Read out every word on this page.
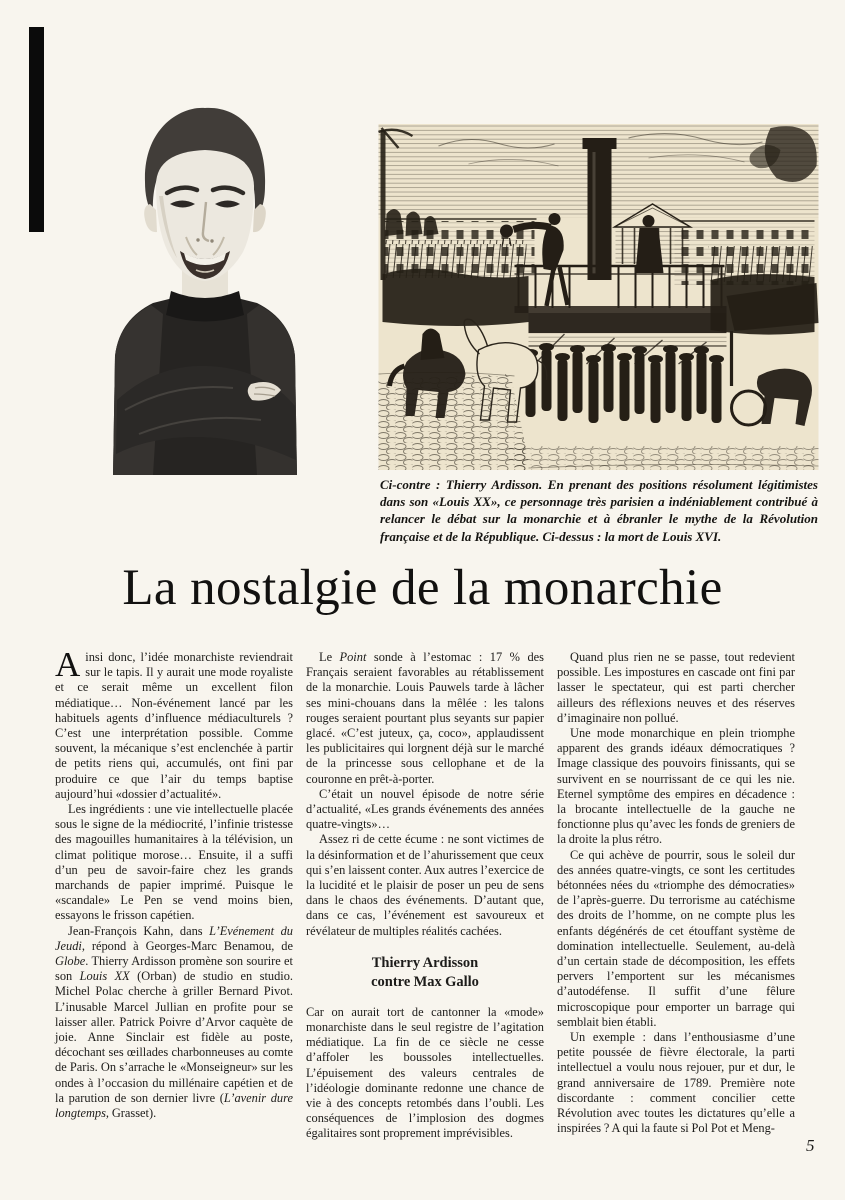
Ci-contre : Thierry Ardisson. En prenant des positions résolument légitimistes dans son «Louis XX», ce personnage très parisien a indéniablement contribué à relancer le débat sur la monarchie et à ébranler le mythe de la Révolution française et de la République. Ci-dessus : la mort de Louis XVI.

La nostalgie de la monarchie

Ainsi donc, l’idée monarchiste reviendrait sur le tapis. Il y aurait une mode royaliste et ce serait même un excellent filon médiatique… Non-événement lancé par les habituels agents d’influence médiaculturels ? C’est une interprétation possible. Comme souvent, la mécanique s’est enclenchée à partir de petits riens qui, accumulés, ont fini par produire ce que l’air du temps baptise aujourd’hui «dossier d’actualité».

Les ingrédients : une vie intellectuelle placée sous le signe de la médiocrité, l’infinie tristesse des magouilles humanitaires à la télévision, un climat politique morose… Ensuite, il a suffi d’un peu de savoir-faire chez les grands marchands de papier imprimé. Puisque le «scandale» Le Pen se vend moins bien, essayons le frisson capétien.

Jean-François Kahn, dans L’Evénement du Jeudi, répond à Georges-Marc Benamou, de Globe. Thierry Ardisson promène son sourire et son Louis XX (Orban) de studio en studio. Michel Polac cherche à griller Bernard Pivot. L’inusable Marcel Jullian en profite pour se laisser aller. Patrick Poivre d’Arvor caquète de joie. Anne Sinclair est fidèle au poste, décochant ses œillades charbonneuses au comte de Paris. On s’arrache le «Monseigneur» sur les ondes à l’occasion du millénaire capétien et de la parution de son dernier livre (L’avenir dure longtemps, Grasset).

Le Point sonde à l’estomac : 17 % des Français seraient favorables au rétablissement de la monarchie. Louis Pauwels tarde à lâcher ses mini-chouans dans la mêlée : les talons rouges seraient pourtant plus seyants sur papier glacé. «C’est juteux, ça, coco», applaudissent les publicitaires qui lorgnent déjà sur le marché de la princesse sous cellophane et de la couronne en prêt-à-porter.

C’était un nouvel épisode de notre série d’actualité, «Les grands événements des années quatre-vingts»…

Assez ri de cette écume : ne sont victimes de la désinformation et de l’ahurissement que ceux qui s’en laissent conter. Aux autres l’exercice de la lucidité et le plaisir de poser un peu de sens dans le chaos des événements. D’autant que, dans ce cas, l’événement est savoureux et révélateur de multiples réalités cachées.

Thierry Ardisson
contre Max Gallo

Car on aurait tort de cantonner la «mode» monarchiste dans le seul registre de l’agitation médiatique. La fin de ce siècle ne cesse d’affoler les boussoles intellectuelles. L’épuisement des valeurs centrales de l’idéologie dominante redonne une chance de vie à des concepts retombés dans l’oubli. Les conséquences de l’implosion des dogmes égalitaires sont proprement imprévisibles.

Quand plus rien ne se passe, tout redevient possible. Les impostures en cascade ont fini par lasser le spectateur, qui est parti chercher ailleurs des réflexions neuves et des réserves d’imaginaire non pollué.

Une mode monarchique en plein triomphe apparent des grands idéaux démocratiques ? Image classique des pouvoirs finissants, qui se survivent en se nourrissant de ce qui les nie. Eternel symptôme des empires en décadence : la brocante intellectuelle de la gauche ne fonctionne plus qu’avec les fonds de greniers de la droite la plus rétro.

Ce qui achève de pourrir, sous le soleil dur des années quatre-vingts, ce sont les certitudes bétonnées nées du «triomphe des démocraties» de l’après-guerre. Du terrorisme au catéchisme des droits de l’homme, on ne compte plus les enfants dégénérés de cet étouffant système de domination intellectuelle. Seulement, au-delà d’un certain stade de décomposition, les effets pervers l’emportent sur les mécanismes d’autodéfense. Il suffit d’une fêlure microscopique pour emporter un barrage qui semblait bien établi.

Un exemple : dans l’enthousiasme d’une petite poussée de fièvre électorale, la parti intellectuel a voulu nous rejouer, pur et dur, le grand anniversaire de 1789. Première note discordante : comment concilier cette Révolution avec toutes les dictatures qu’elle a inspirées ? A qui la faute si Pol Pot et Meng-

5
